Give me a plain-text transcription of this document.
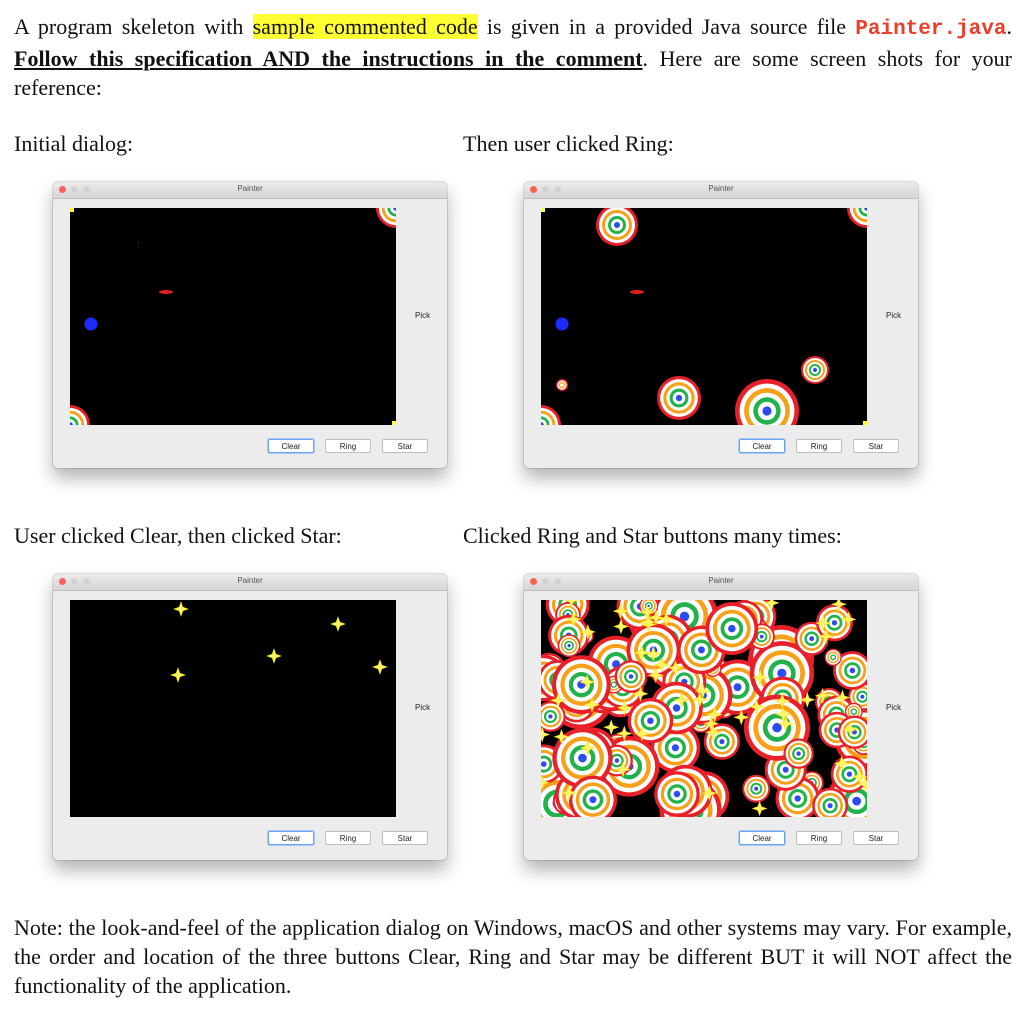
A program skeleton with sample commented code is given in a provided Java source file Painter.java. Follow this specification AND the instructions in the comment. Here are some screen shots for your reference:

Initial dialog:	Then user clicked Ring:
User clicked Clear, then clicked Star:	Clicked Ring and Star buttons many times:
Painter
Pick
Clear	Ring	Star
Painter
Pick
Clear	Ring	Star
Painter
Pick
Clear	Ring	Star
Painter
Pick
Clear	Ring	Star

Note: the look-and-feel of the application dialog on Windows, macOS and other systems may vary. For example, the order and location of the three buttons Clear, Ring and Star may be different BUT it will NOT affect the functionality of the application.
